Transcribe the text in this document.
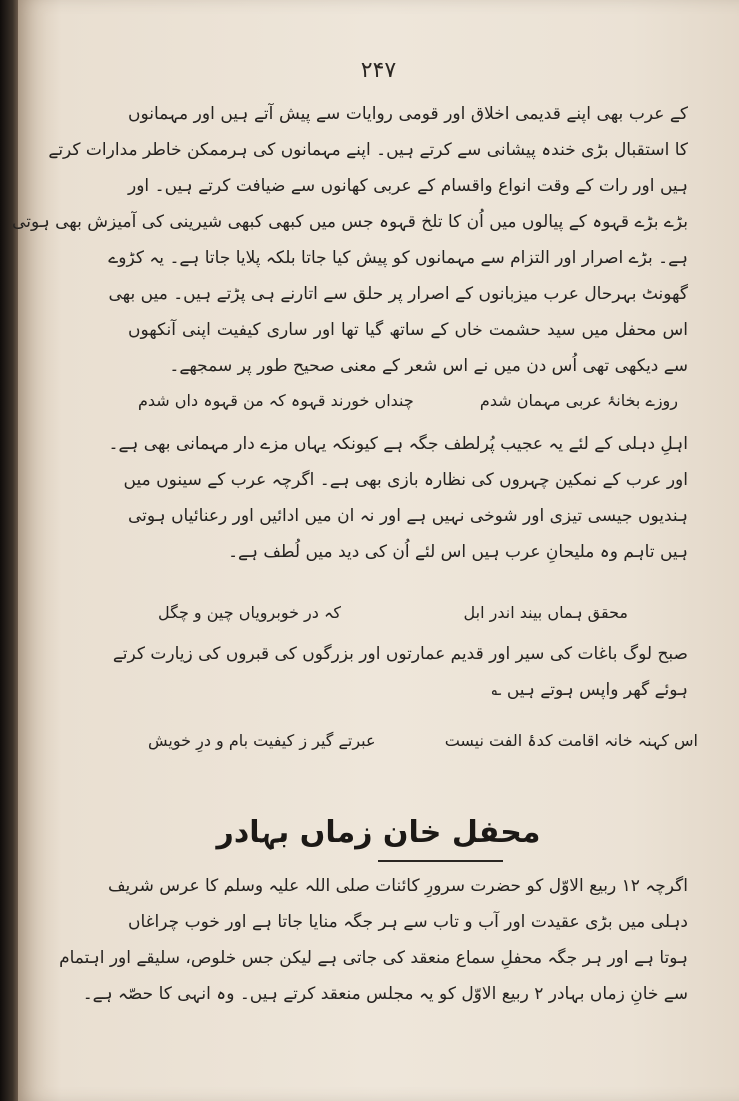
۲۴۷
کے عرب بھی اپنے قدیمی اخلاق اور قومی روایات سے پیش آتے ہیں اور مہمانوں
کا استقبال بڑی خندہ پیشانی سے کرتے ہیں۔ اپنے مہمانوں کی ہرممکن خاطر مدارات کرتے
ہیں اور رات کے وقت انواع واقسام کے عربی کھانوں سے ضیافت کرتے ہیں۔ اور
بڑے بڑے قہوہ کے پیالوں میں اُن کا تلخ قہوہ جس میں کبھی کبھی شیرینی کی آمیزش بھی ہوتی
ہے۔ بڑے اصرار اور التزام سے مہمانوں کو پیش کیا جاتا بلکہ پلایا جاتا ہے۔ یہ کڑوے
گھونٹ بہرحال عرب میزبانوں کے اصرار پر حلق سے اتارنے ہی پڑتے ہیں۔ میں بھی
اس محفل میں سید حشمت خاں کے ساتھ گیا تھا اور ساری کیفیت اپنی آنکھوں
سے دیکھی تھی اُس دن میں نے اس شعر کے معنی صحیح طور پر سمجھے۔
روزے بخانۂ عربی مہمان شدم
چنداں خورند قہوہ کہ من قہوہ داں شدم
اہلِ دہلی کے لئے یہ عجیب پُرلطف جگہ ہے کیونکہ یہاں مزے دار مہمانی بھی ہے۔
اور عرب کے نمکین چہروں کی نظارہ بازی بھی ہے۔ اگرچہ عرب کے سینوں میں
ہندیوں جیسی تیزی اور شوخی نہیں ہے اور نہ ان میں ادائیں اور رعنائیاں ہوتی
ہیں تاہم وہ ملیحانِ عرب ہیں اس لئے اُن کی دید میں لُطف ہے۔
محقق ہماں بیند اندر ابل
کہ در خوبرویاں چین و چگل
صبح لوگ باغات کی سیر اور قدیم عمارتوں اور بزرگوں کی قبروں کی زیارت کرتے
ہوئے گھر واپس ہوتے ہیں ؎
اس کہنہ خانہ اقامت کدۂ الفت نیست
عبرتے گیر ز کیفیت بام و درِ خویش
محفل خان زماں بہادر
اگرچہ ۱۲ ربیع الاوّل کو حضرت سرورِ کائنات صلی اللہ علیہ وسلم کا عرس شریف
دہلی میں بڑی عقیدت اور آب و تاب سے ہر جگہ منایا جاتا ہے اور خوب چراغاں
ہوتا ہے اور ہر جگہ محفلِ سماع منعقد کی جاتی ہے لیکن جس خلوص، سلیقے اور اہتمام
سے خانِ زماں بہادر ۲ ربیع الاوّل کو یہ مجلس منعقد کرتے ہیں۔ وہ انہی کا حصّہ ہے۔
